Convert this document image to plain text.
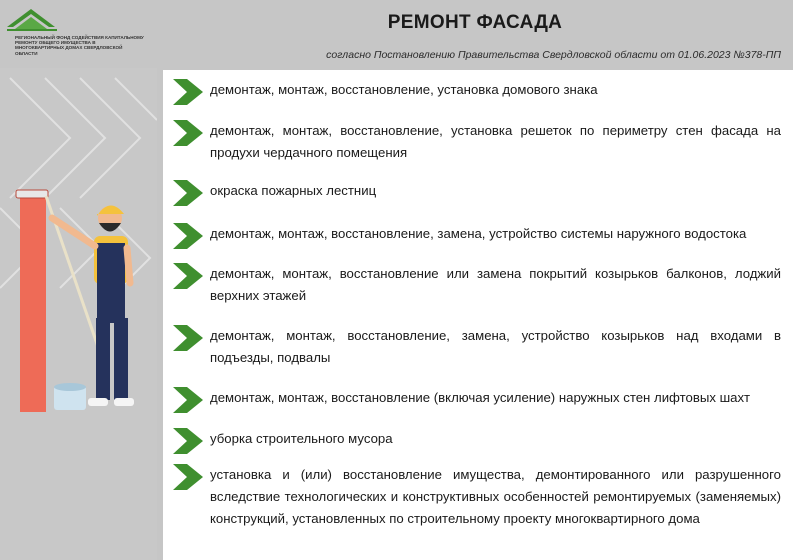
РЕГИОНАЛЬНЫЙ ФОНД СОДЕЙСТВИЯ КАПИТАЛЬНОМУ РЕМОНТУ ОБЩЕГО ИМУЩЕСТВА В МНОГОКВАРТИРНЫХ ДОМАХ СВЕРДЛОВСКОЙ ОБЛАСТИ
РЕМОНТ ФАСАДА
согласно Постановлению Правительства Свердловской области от 01.06.2023 №378-ПП
демонтаж, монтаж, восстановление, установка домового знака
демонтаж, монтаж, восстановление, установка решеток по периметру стен фасада на продухи чердачного помещения
окраска пожарных лестниц
демонтаж, монтаж, восстановление, замена, устройство системы наружного водостока
демонтаж, монтаж, восстановление или замена покрытий козырьков балконов, лоджий верхних этажей
демонтаж, монтаж, восстановление, замена, устройство козырьков над входами в подъезды, подвалы
демонтаж, монтаж, восстановление (включая усиление) наружных стен лифтовых шахт
уборка строительного мусора
установка и (или) восстановление имущества, демонтированного или разрушенного вследствие технологических и конструктивных особенностей ремонтируемых (заменяемых) конструкций, установленных по строительному проекту многоквартирного дома
